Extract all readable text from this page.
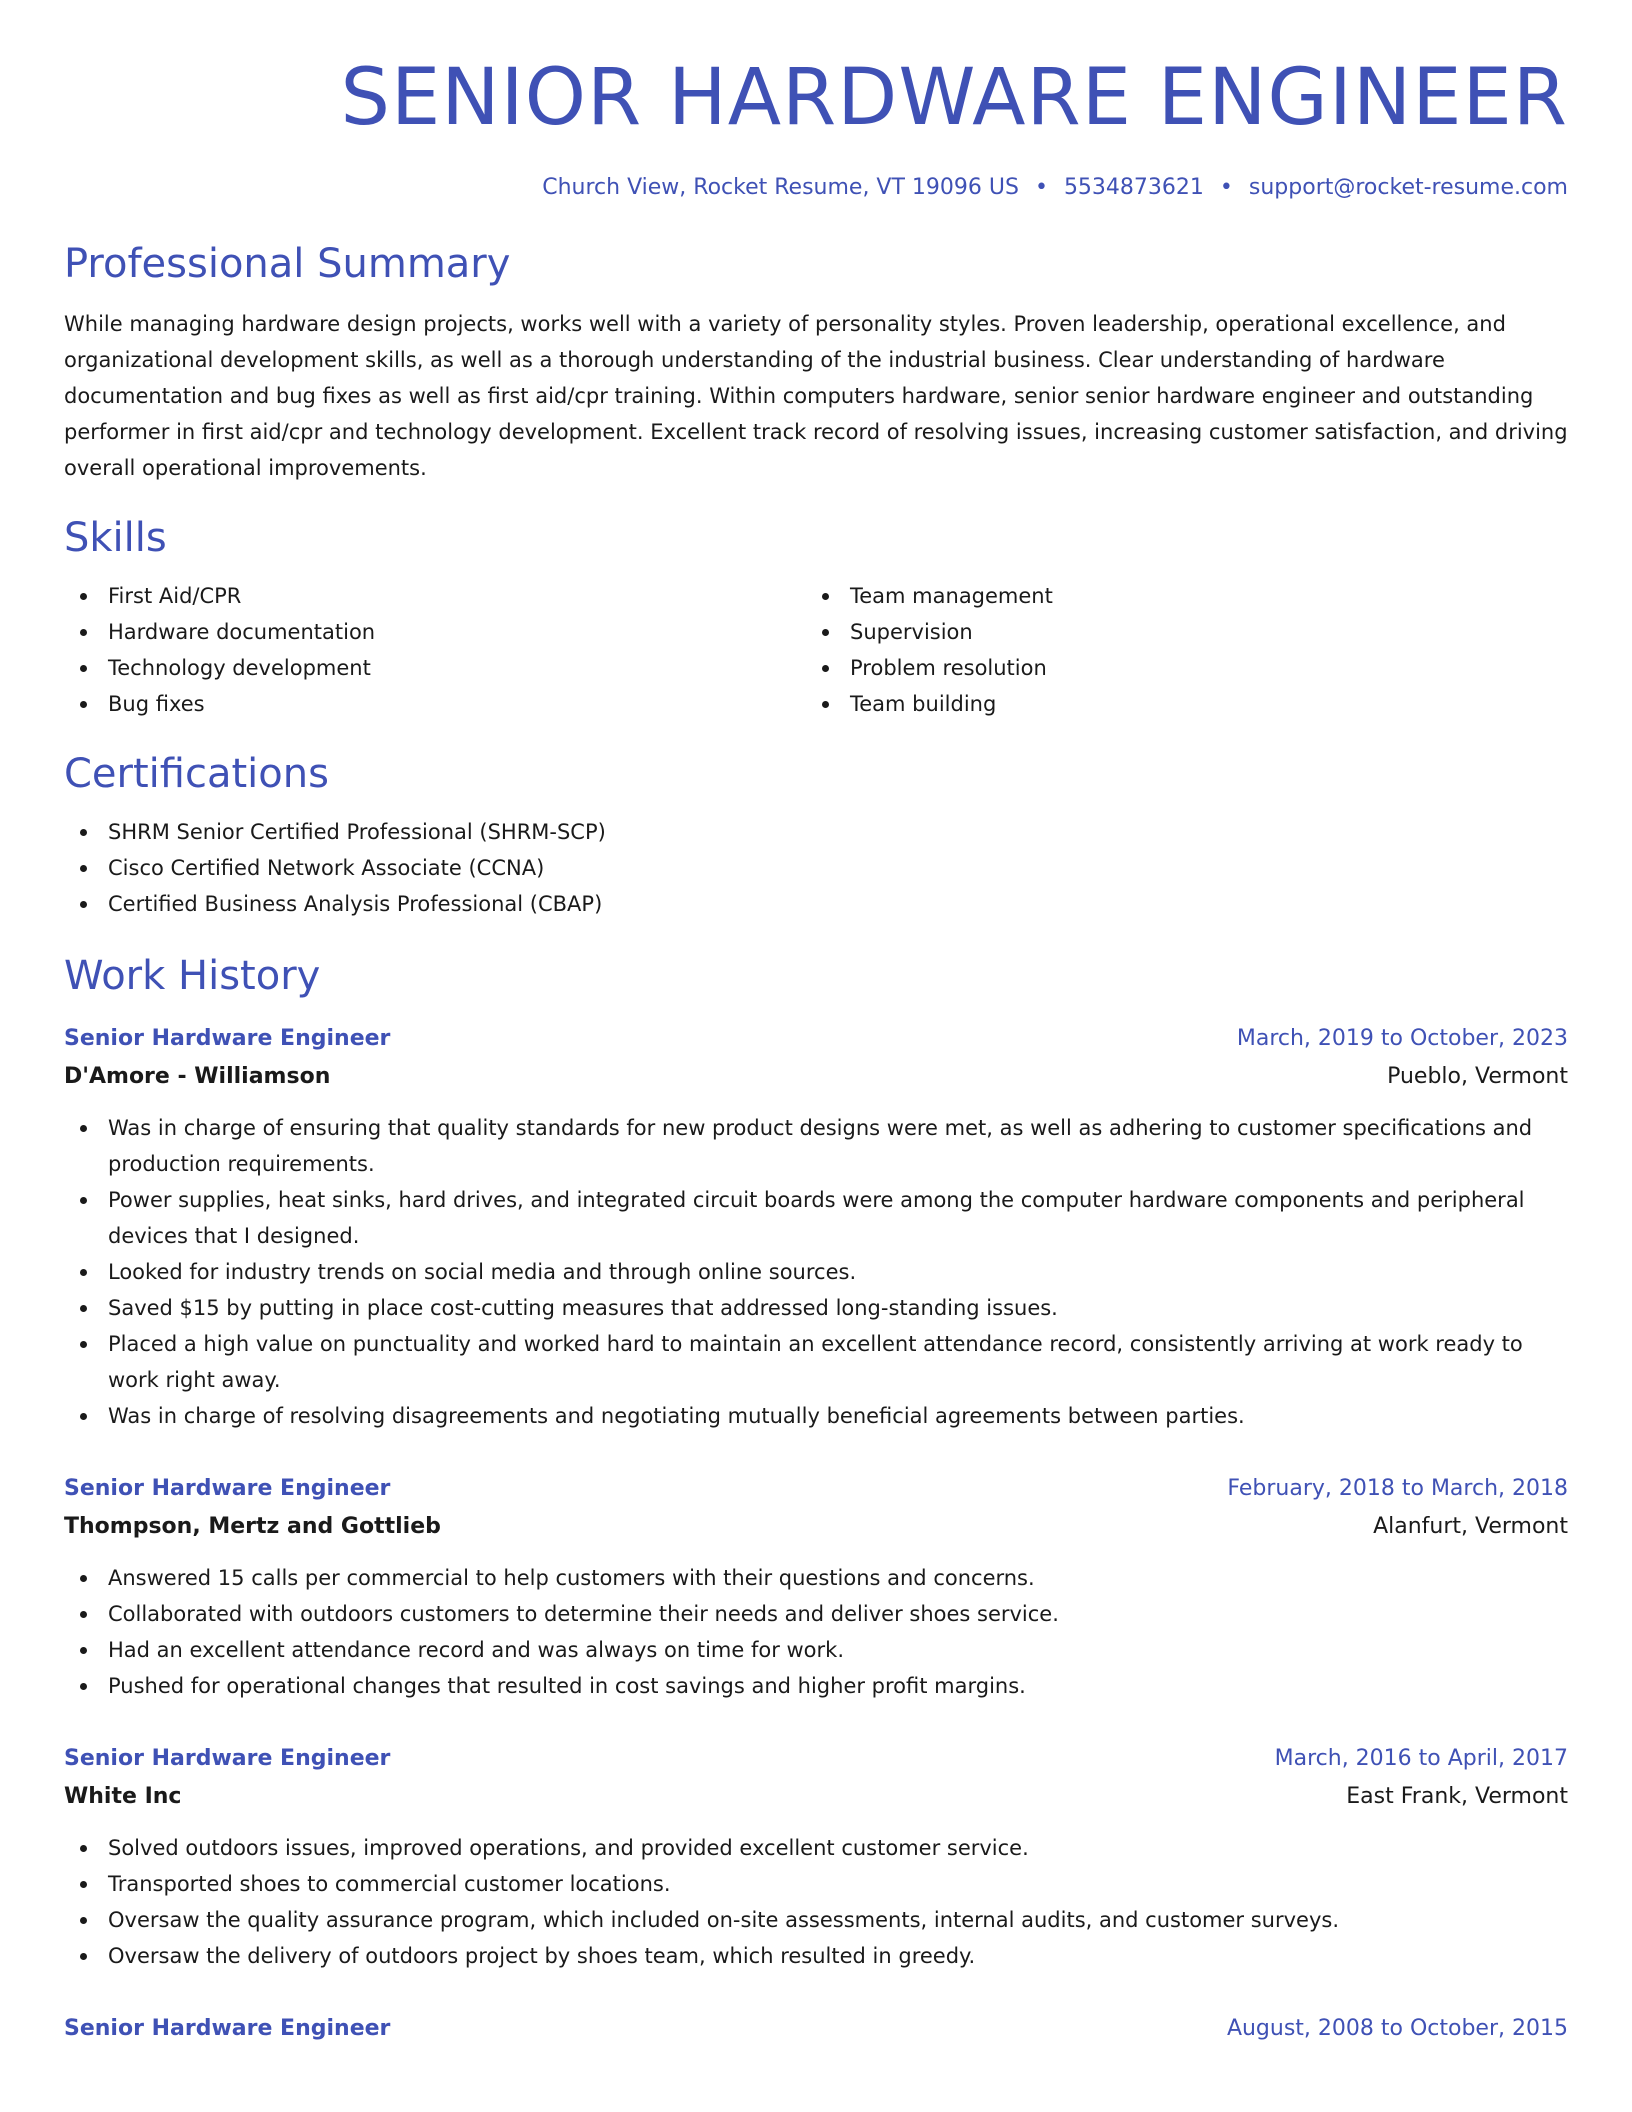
SENIOR HARDWARE ENGINEER
Church View, Rocket Resume, VT 19096 US • 5534873621 • support@rocket-resume.com
Professional Summary

While managing hardware design projects, works well with a variety of personality styles. Proven leadership, operational excellence, and organizational development skills, as well as a thorough understanding of the industrial business. Clear understanding of hardware documentation and bug fixes as well as first aid/cpr training. Within computers hardware, senior senior hardware engineer and outstanding performer in first aid/cpr and technology development. Excellent track record of resolving issues, increasing customer satisfaction, and driving overall operational improvements.

Skills
First Aid/CPR
Hardware documentation
Technology development
Bug fixes
Team management
Supervision
Problem resolution
Team building
Certifications
SHRM Senior Certified Professional (SHRM-SCP)
Cisco Certified Network Associate (CCNA)
Certified Business Analysis Professional (CBAP)
Work History
Senior Hardware Engineer	March, 2019 to October, 2023
D'Amore - Williamson	Pueblo, Vermont
Was in charge of ensuring that quality standards for new product designs were met, as well as adhering to customer specifications and production requirements.
Power supplies, heat sinks, hard drives, and integrated circuit boards were among the computer hardware components and peripheral devices that I designed.
Looked for industry trends on social media and through online sources.
Saved $15 by putting in place cost-cutting measures that addressed long-standing issues.
Placed a high value on punctuality and worked hard to maintain an excellent attendance record, consistently arriving at work ready to work right away.
Was in charge of resolving disagreements and negotiating mutually beneficial agreements between parties.
Senior Hardware Engineer	February, 2018 to March, 2018
Thompson, Mertz and Gottlieb	Alanfurt, Vermont
Answered 15 calls per commercial to help customers with their questions and concerns.
Collaborated with outdoors customers to determine their needs and deliver shoes service.
Had an excellent attendance record and was always on time for work.
Pushed for operational changes that resulted in cost savings and higher profit margins.
Senior Hardware Engineer	March, 2016 to April, 2017
White Inc	East Frank, Vermont
Solved outdoors issues, improved operations, and provided excellent customer service.
Transported shoes to commercial customer locations.
Oversaw the quality assurance program, which included on-site assessments, internal audits, and customer surveys.
Oversaw the delivery of outdoors project by shoes team, which resulted in greedy.
Senior Hardware Engineer	August, 2008 to October, 2015
